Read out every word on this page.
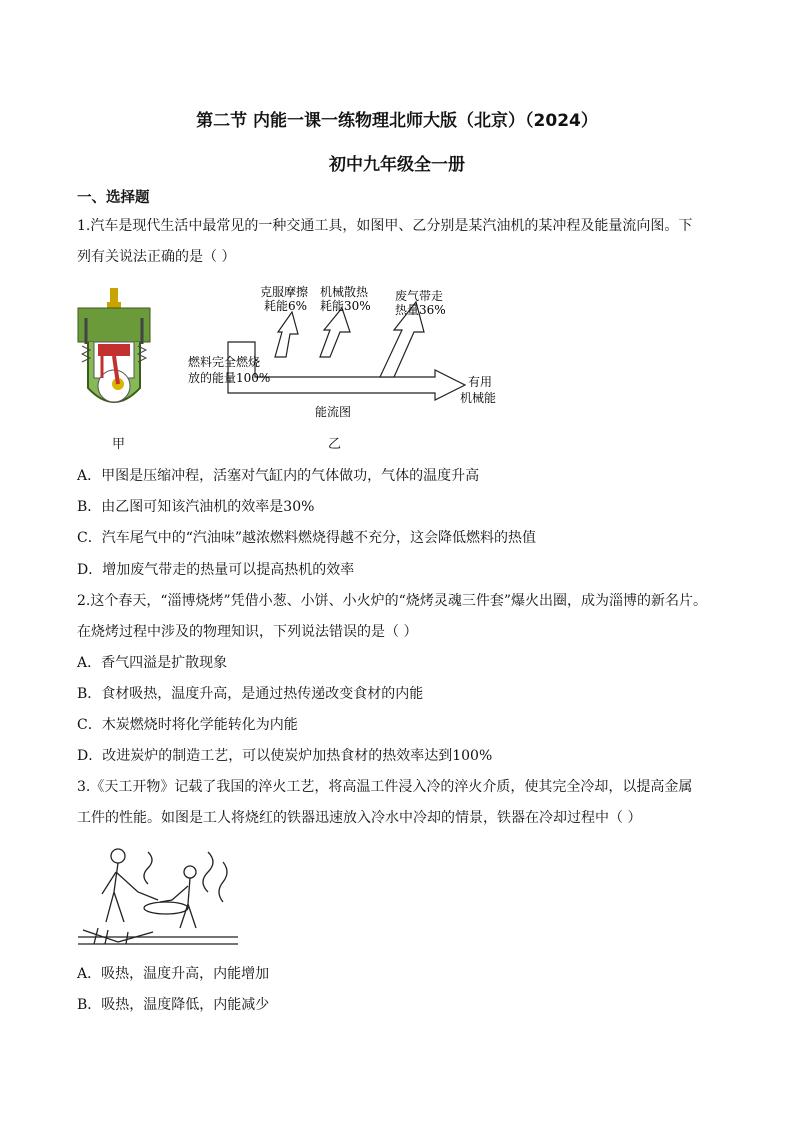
第二节 内能一课一练物理北师大版（北京）（2024）
初中九年级全一册
一、选择题
1.汽车是现代生活中最常见的一种交通工具，如图甲、乙分别是某汽油机的某冲程及能量流向图。下
列有关说法正确的是（ ）
甲
燃料完全燃烧
放的能量100%
克服摩擦
耗能6%
机械散热
耗能30%
废气带走
热量36%
有用
机械能
能流图
乙
A．甲图是压缩冲程，活塞对气缸内的气体做功，气体的温度升高
B．由乙图可知该汽油机的效率是30%
C．汽车尾气中的“汽油味”越浓燃料燃烧得越不充分，这会降低燃料的热值
D．增加废气带走的热量可以提高热机的效率
2.这个春天，“淄博烧烤”凭借小葱、小饼、小火炉的“烧烤灵魂三件套”爆火出圈，成为淄博的新名片。
在烧烤过程中涉及的物理知识，下列说法错误的是（ ）
A．香气四溢是扩散现象
B．食材吸热，温度升高，是通过热传递改变食材的内能
C．木炭燃烧时将化学能转化为内能
D．改进炭炉的制造工艺，可以使炭炉加热食材的热效率达到100%
3.《天工开物》记载了我国的淬火工艺，将高温工件浸入冷的淬火介质，使其完全冷却，以提高金属
工件的性能。如图是工人将烧红的铁器迅速放入冷水中冷却的情景，铁器在冷却过程中（ ）
A．吸热，温度升高，内能增加
B．吸热，温度降低，内能减少
